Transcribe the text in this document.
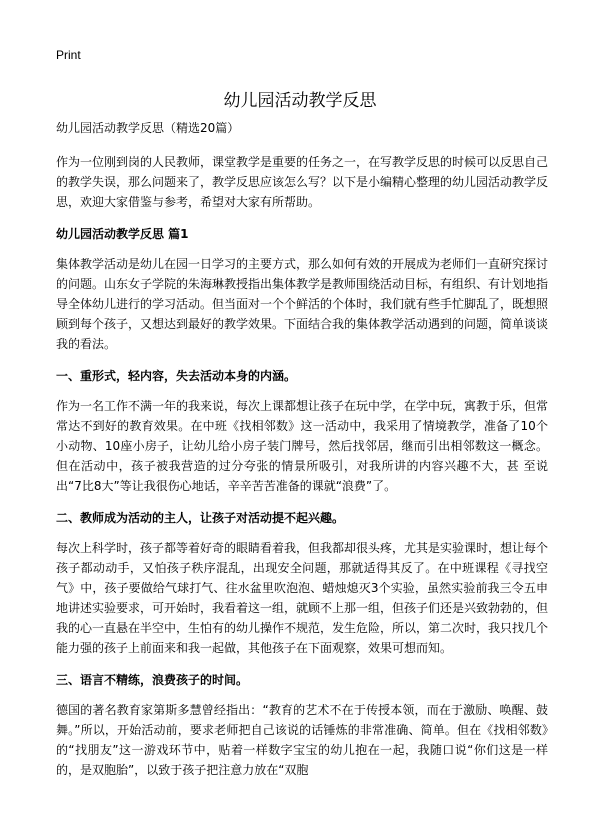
Print
幼儿园活动教学反思

幼儿园活动教学反思（精选20篇）

作为一位刚到岗的人民教师，课堂教学是重要的任务之一，在写教学反思的时候可以反思自己的教学失误，那么问题来了，教学反思应该怎么写？以下是小编精心整理的幼儿园活动教学反思，欢迎大家借鉴与参考，希望对大家有所帮助。

幼儿园活动教学反思 篇1

集体教学活动是幼儿在园一日学习的主要方式，那么如何有效的开展成为老师们一直研究探讨的问题。山东女子学院的朱海琳教授指出集体教学是教师围绕活动目标，有组织、有计划地指导全体幼儿进行的学习活动。但当面对一个个鲜活的个体时，我们就有些手忙脚乱了，既想照顾到每个孩子，又想达到最好的教学效果。下面结合我的集体教学活动遇到的问题，简单谈谈我的看法。

一、重形式，轻内容，失去活动本身的内涵。

作为一名工作不满一年的我来说，每次上课都想让孩子在玩中学，在学中玩，寓教于乐，但常常达不到好的教育效果。在中班《找相邻数》这一活动中，我采用了情境教学，准备了10个小动物、10座小房子，让幼儿给小房子装门牌号，然后找邻居，继而引出相邻数这一概念。但在活动中，孩子被我营造的过分夸张的情景所吸引，对我所讲的内容兴趣不大，甚 至说出“7比8大”等让我很伤心地话，辛辛苦苦准备的课就“浪费”了。

二、教师成为活动的主人，让孩子对活动提不起兴趣。

每次上科学时，孩子都等着好奇的眼睛看着我，但我都却很头疼，尤其是实验课时，想让每个孩子都动动手，又怕孩子秩序混乱，出现安全问题，那就适得其反了。在中班课程《寻找空气》中，孩子要做给气球打气、往水盆里吹泡泡、蜡烛熄灭3个实验，虽然实验前我三令五申地讲述实验要求，可开始时，我看着这一组，就顾不上那一组，但孩子们还是兴致勃勃的，但我的心一直悬在半空中，生怕有的幼儿操作不规范，发生危险，所以，第二次时，我只找几个能力强的孩子上前面来和我一起做，其他孩子在下面观察，效果可想而知。

三、语言不精练，浪费孩子的时间。

德国的著名教育家第斯多慧曾经指出：“教育的艺术不在于传授本领，而在于激励、唤醒、鼓舞。”所以，开始活动前，要求老师把自己该说的话锤炼的非常准确、简单。但在《找相邻数》的“找朋友”这一游戏环节中，贴着一样数字宝宝的幼儿抱在一起，我随口说“你们这是一样的，是双胞胎”，以致于孩子把注意力放在“双胞
